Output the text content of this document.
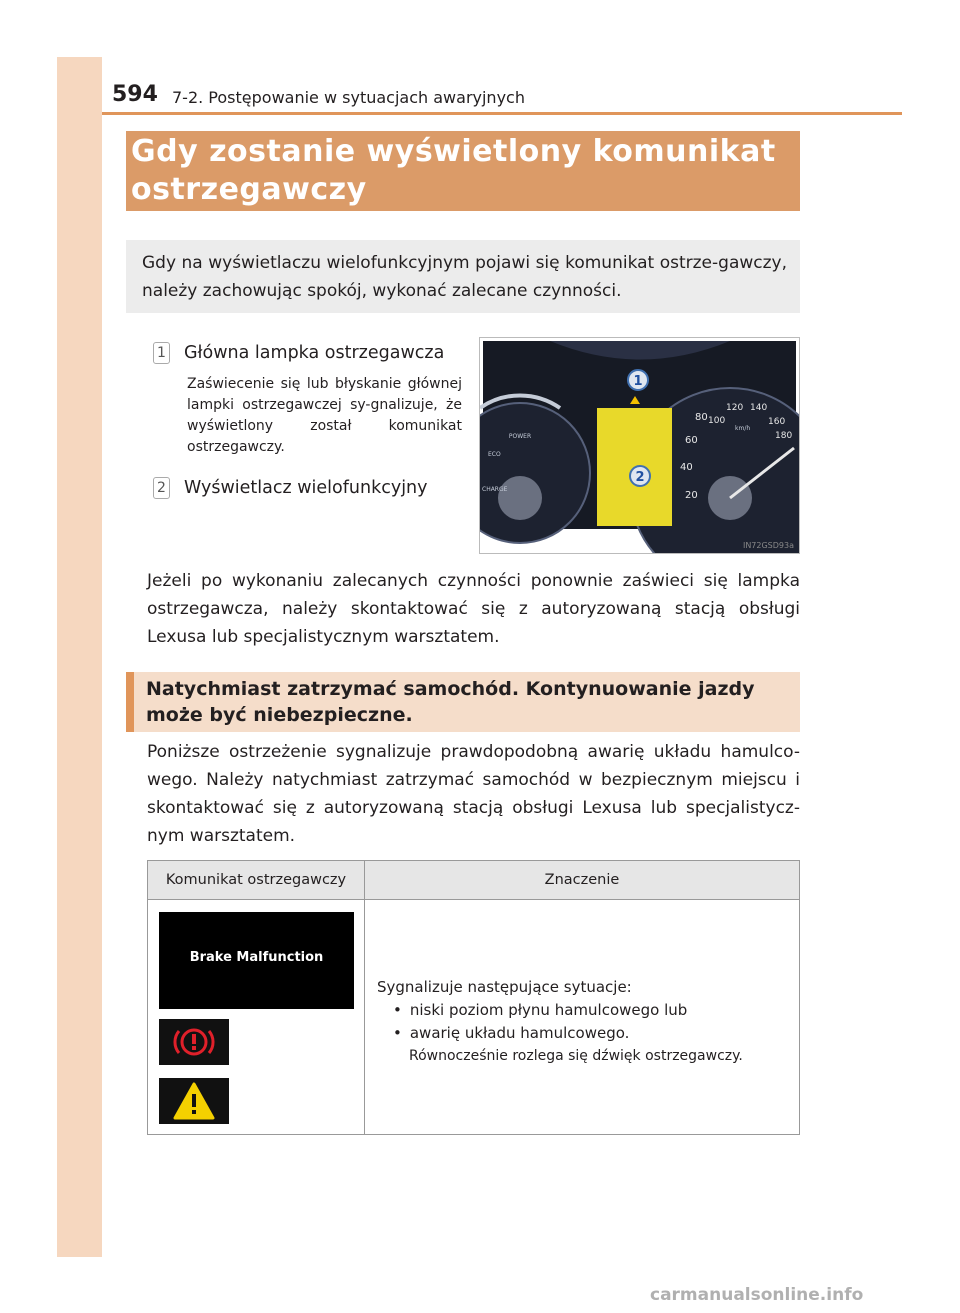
594 7-2. Postępowanie w sytuacjach awaryjnych
Gdy zostanie wyświetlony komunikat ostrzegawczy
Gdy na wyświetlaczu wielofunkcyjnym pojawi się komunikat ostrze-gawczy, należy zachowując spokój, wykonać zalecane czynności.
1 Główna lampka ostrzegawcza
Zaświecenie się lub błyskanie głównej lampki ostrzegawczej sy-gnalizuje, że wyświetlony został komunikat ostrzegawczy.
2 Wyświetlacz wielofunkcyjny
POWER
ECO
CHARGE
20
40
60
80 100
120 140
160
180
km/h
1
2
IN72GSD93a
Jeżeli po wykonaniu zalecanych czynności ponownie zaświeci się lampka ostrzegawcza, należy skontaktować się z autoryzowaną stacją obsługi Lexusa lub specjalistycznym warsztatem.
Natychmiast zatrzymać samochód. Kontynuowanie jazdy może być niebezpieczne.
Poniższe ostrzeżenie sygnalizuje prawdopodobną awarię układu hamulco-wego. Należy natychmiast zatrzymać samochód w bezpiecznym miejscu i skontaktować się z autoryzowaną stacją obsługi Lexusa lub specjalistycz-nym warsztatem.
Komunikat ostrzegawczy	Znaczenie
Brake Malfunction
Sygnalizuje następujące sytuacje:
• niski poziom płynu hamulcowego lub
• awarię układu hamulcowego.
Równocześnie rozlega się dźwięk ostrzegawczy.
carmanualsonline.info
